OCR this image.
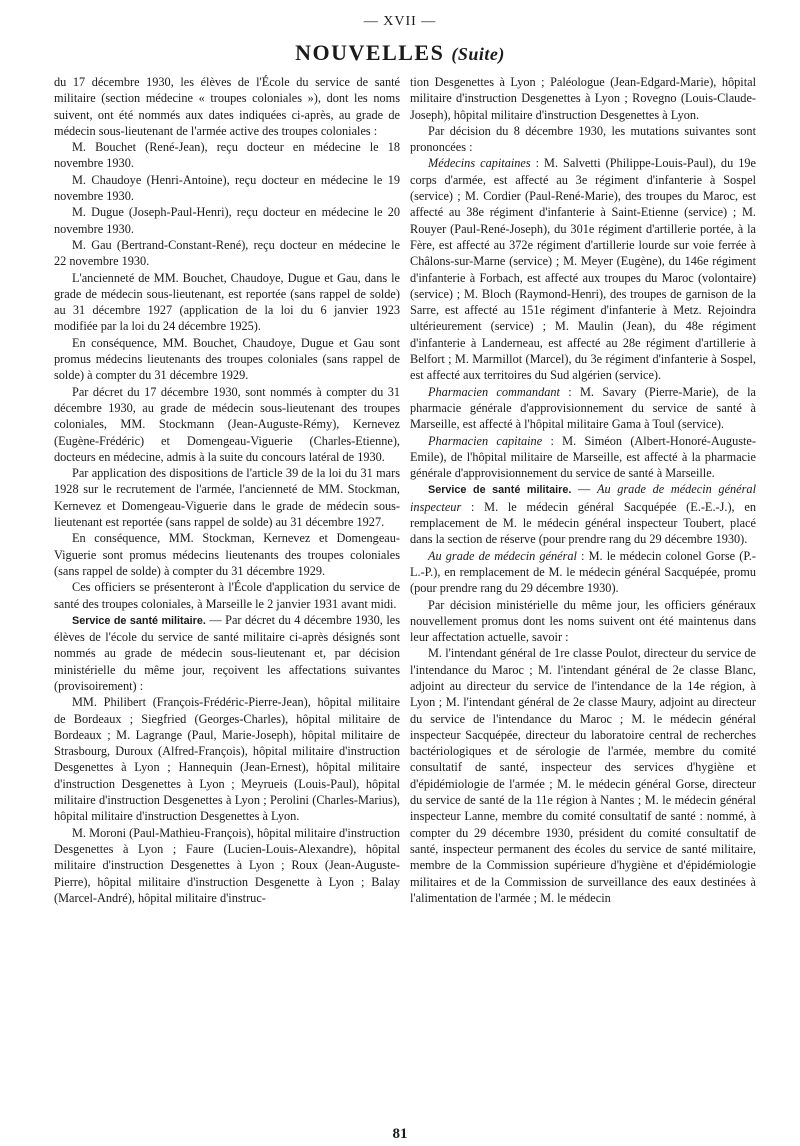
— XVII —
NOUVELLES (Suite)

du 17 décembre 1930, les élèves de l'École du service de santé militaire (section médecine « troupes coloniales »), dont les noms suivent, ont été nommés aux dates indiquées ci-après, au grade de médecin sous-lieutenant de l'armée active des troupes coloniales :

M. Bouchet (René-Jean), reçu docteur en médecine le 18 novembre 1930.

M. Chaudoye (Henri-Antoine), reçu docteur en médecine le 19 novembre 1930.

M. Dugue (Joseph-Paul-Henri), reçu docteur en médecine le 20 novembre 1930.

M. Gau (Bertrand-Constant-René), reçu docteur en médecine le 22 novembre 1930.

L'ancienneté de MM. Bouchet, Chaudoye, Dugue et Gau, dans le grade de médecin sous-lieutenant, est reportée (sans rappel de solde) au 31 décembre 1927 (application de la loi du 6 janvier 1923 modifiée par la loi du 24 décembre 1925).

En conséquence, MM. Bouchet, Chaudoye, Dugue et Gau sont promus médecins lieutenants des troupes coloniales (sans rappel de solde) à compter du 31 décembre 1929.

Par décret du 17 décembre 1930, sont nommés à compter du 31 décembre 1930, au grade de médecin sous-lieutenant des troupes coloniales, MM. Stockmann (Jean-Auguste-Rémy), Kernevez (Eugène-Frédéric) et Domengeau-Viguerie (Charles-Etienne), docteurs en médecine, admis à la suite du concours latéral de 1930.

Par application des dispositions de l'article 39 de la loi du 31 mars 1928 sur le recrutement de l'armée, l'ancienneté de MM. Stockman, Kernevez et Domengeau-Viguerie dans le grade de médecin sous-lieutenant est reportée (sans rappel de solde) au 31 décembre 1927.

En conséquence, MM. Stockman, Kernevez et Domengeau-Viguerie sont promus médecins lieutenants des troupes coloniales (sans rappel de solde) à compter du 31 décembre 1929.

Ces officiers se présenteront à l'École d'application du service de santé des troupes coloniales, à Marseille le 2 janvier 1931 avant midi.

Service de santé militaire. — Par décret du 4 décembre 1930, les élèves de l'école du service de santé militaire ci-après désignés sont nommés au grade de médecin sous-lieutenant et, par décision ministérielle du même jour, reçoivent les affectations suivantes (provisoirement) :

MM. Philibert (François-Frédéric-Pierre-Jean), hôpital militaire de Bordeaux ; Siegfried (Georges-Charles), hôpital militaire de Bordeaux ; M. Lagrange (Paul, Marie-Joseph), hôpital militaire de Strasbourg, Duroux (Alfred-François), hôpital militaire d'instruction Desgenettes à Lyon ; Hannequin (Jean-Ernest), hôpital militaire d'instruction Desgenettes à Lyon ; Meyrueis (Louis-Paul), hôpital militaire d'instruction Desgenettes à Lyon ; Perolini (Charles-Marius), hôpital militaire d'instruction Desgenettes à Lyon.

M. Moroni (Paul-Mathieu-François), hôpital militaire d'instruction Desgenettes à Lyon ; Faure (Lucien-Louis-Alexandre), hôpital militaire d'instruction Desgenettes à Lyon ; Roux (Jean-Auguste-Pierre), hôpital militaire d'instruction Desgenette à Lyon ; Balay (Marcel-André), hôpital militaire d'instruc-

tion Desgenettes à Lyon ; Paléologue (Jean-Edgard-Marie), hôpital militaire d'instruction Desgenettes à Lyon ; Rovegno (Louis-Claude-Joseph), hôpital militaire d'instruction Desgenettes à Lyon.

Par décision du 8 décembre 1930, les mutations suivantes sont prononcées :

Médecins capitaines : M. Salvetti (Philippe-Louis-Paul), du 19e corps d'armée, est affecté au 3e régiment d'infanterie à Sospel (service) ; M. Cordier (Paul-René-Marie), des troupes du Maroc, est affecté au 38e régiment d'infanterie à Saint-Etienne (service) ; M. Rouyer (Paul-René-Joseph), du 301e régiment d'artillerie portée, à la Fère, est affecté au 372e régiment d'artillerie lourde sur voie ferrée à Châlons-sur-Marne (service) ; M. Meyer (Eugène), du 146e régiment d'infanterie à Forbach, est affecté aux troupes du Maroc (volontaire) (service) ; M. Bloch (Raymond-Henri), des troupes de garnison de la Sarre, est affecté au 151e régiment d'infanterie à Metz. Rejoindra ultérieurement (service) ; M. Maulin (Jean), du 48e régiment d'infanterie à Landerneau, est affecté au 28e régiment d'artillerie à Belfort ; M. Marmillot (Marcel), du 3e régiment d'infanterie à Sospel, est affecté aux territoires du Sud algérien (service).

Pharmacien commandant : M. Savary (Pierre-Marie), de la pharmacie générale d'approvisionnement du service de santé à Marseille, est affecté à l'hôpital militaire Gama à Toul (service).

Pharmacien capitaine : M. Siméon (Albert-Honoré-Auguste-Emile), de l'hôpital militaire de Marseille, est affecté à la pharmacie générale d'approvisionnement du service de santé à Marseille.

Service de santé militaire. — Au grade de médecin général inspecteur : M. le médecin général Sacquépée (E.-E.-J.), en remplacement de M. le médecin général inspecteur Toubert, placé dans la section de réserve (pour prendre rang du 29 décembre 1930).

Au grade de médecin général : M. le médecin colonel Gorse (P.-L.-P.), en remplacement de M. le médecin général Sacquépée, promu (pour prendre rang du 29 décembre 1930).

Par décision ministérielle du même jour, les officiers généraux nouvellement promus dont les noms suivent ont été maintenus dans leur affectation actuelle, savoir :

M. l'intendant général de 1re classe Poulot, directeur du service de l'intendance du Maroc ; M. l'intendant général de 2e classe Blanc, adjoint au directeur du service de l'intendance de la 14e région, à Lyon ; M. l'intendant général de 2e classe Maury, adjoint au directeur du service de l'intendance du Maroc ; M. le médecin général inspecteur Sacquépée, directeur du laboratoire central de recherches bactériologiques et de sérologie de l'armée, membre du comité consultatif de santé, inspecteur des services d'hygiène et d'épidémiologie de l'armée ; M. le médecin général Gorse, directeur du service de santé de la 11e région à Nantes ; M. le médecin général inspecteur Lanne, membre du comité consultatif de santé : nommé, à compter du 29 décembre 1930, président du comité consultatif de santé, inspecteur permanent des écoles du service de santé militaire, membre de la Commission supérieure d'hygiène et d'épidémiologie militaires et de la Commission de surveillance des eaux destinées à l'alimentation de l'armée ; M. le médecin

81
